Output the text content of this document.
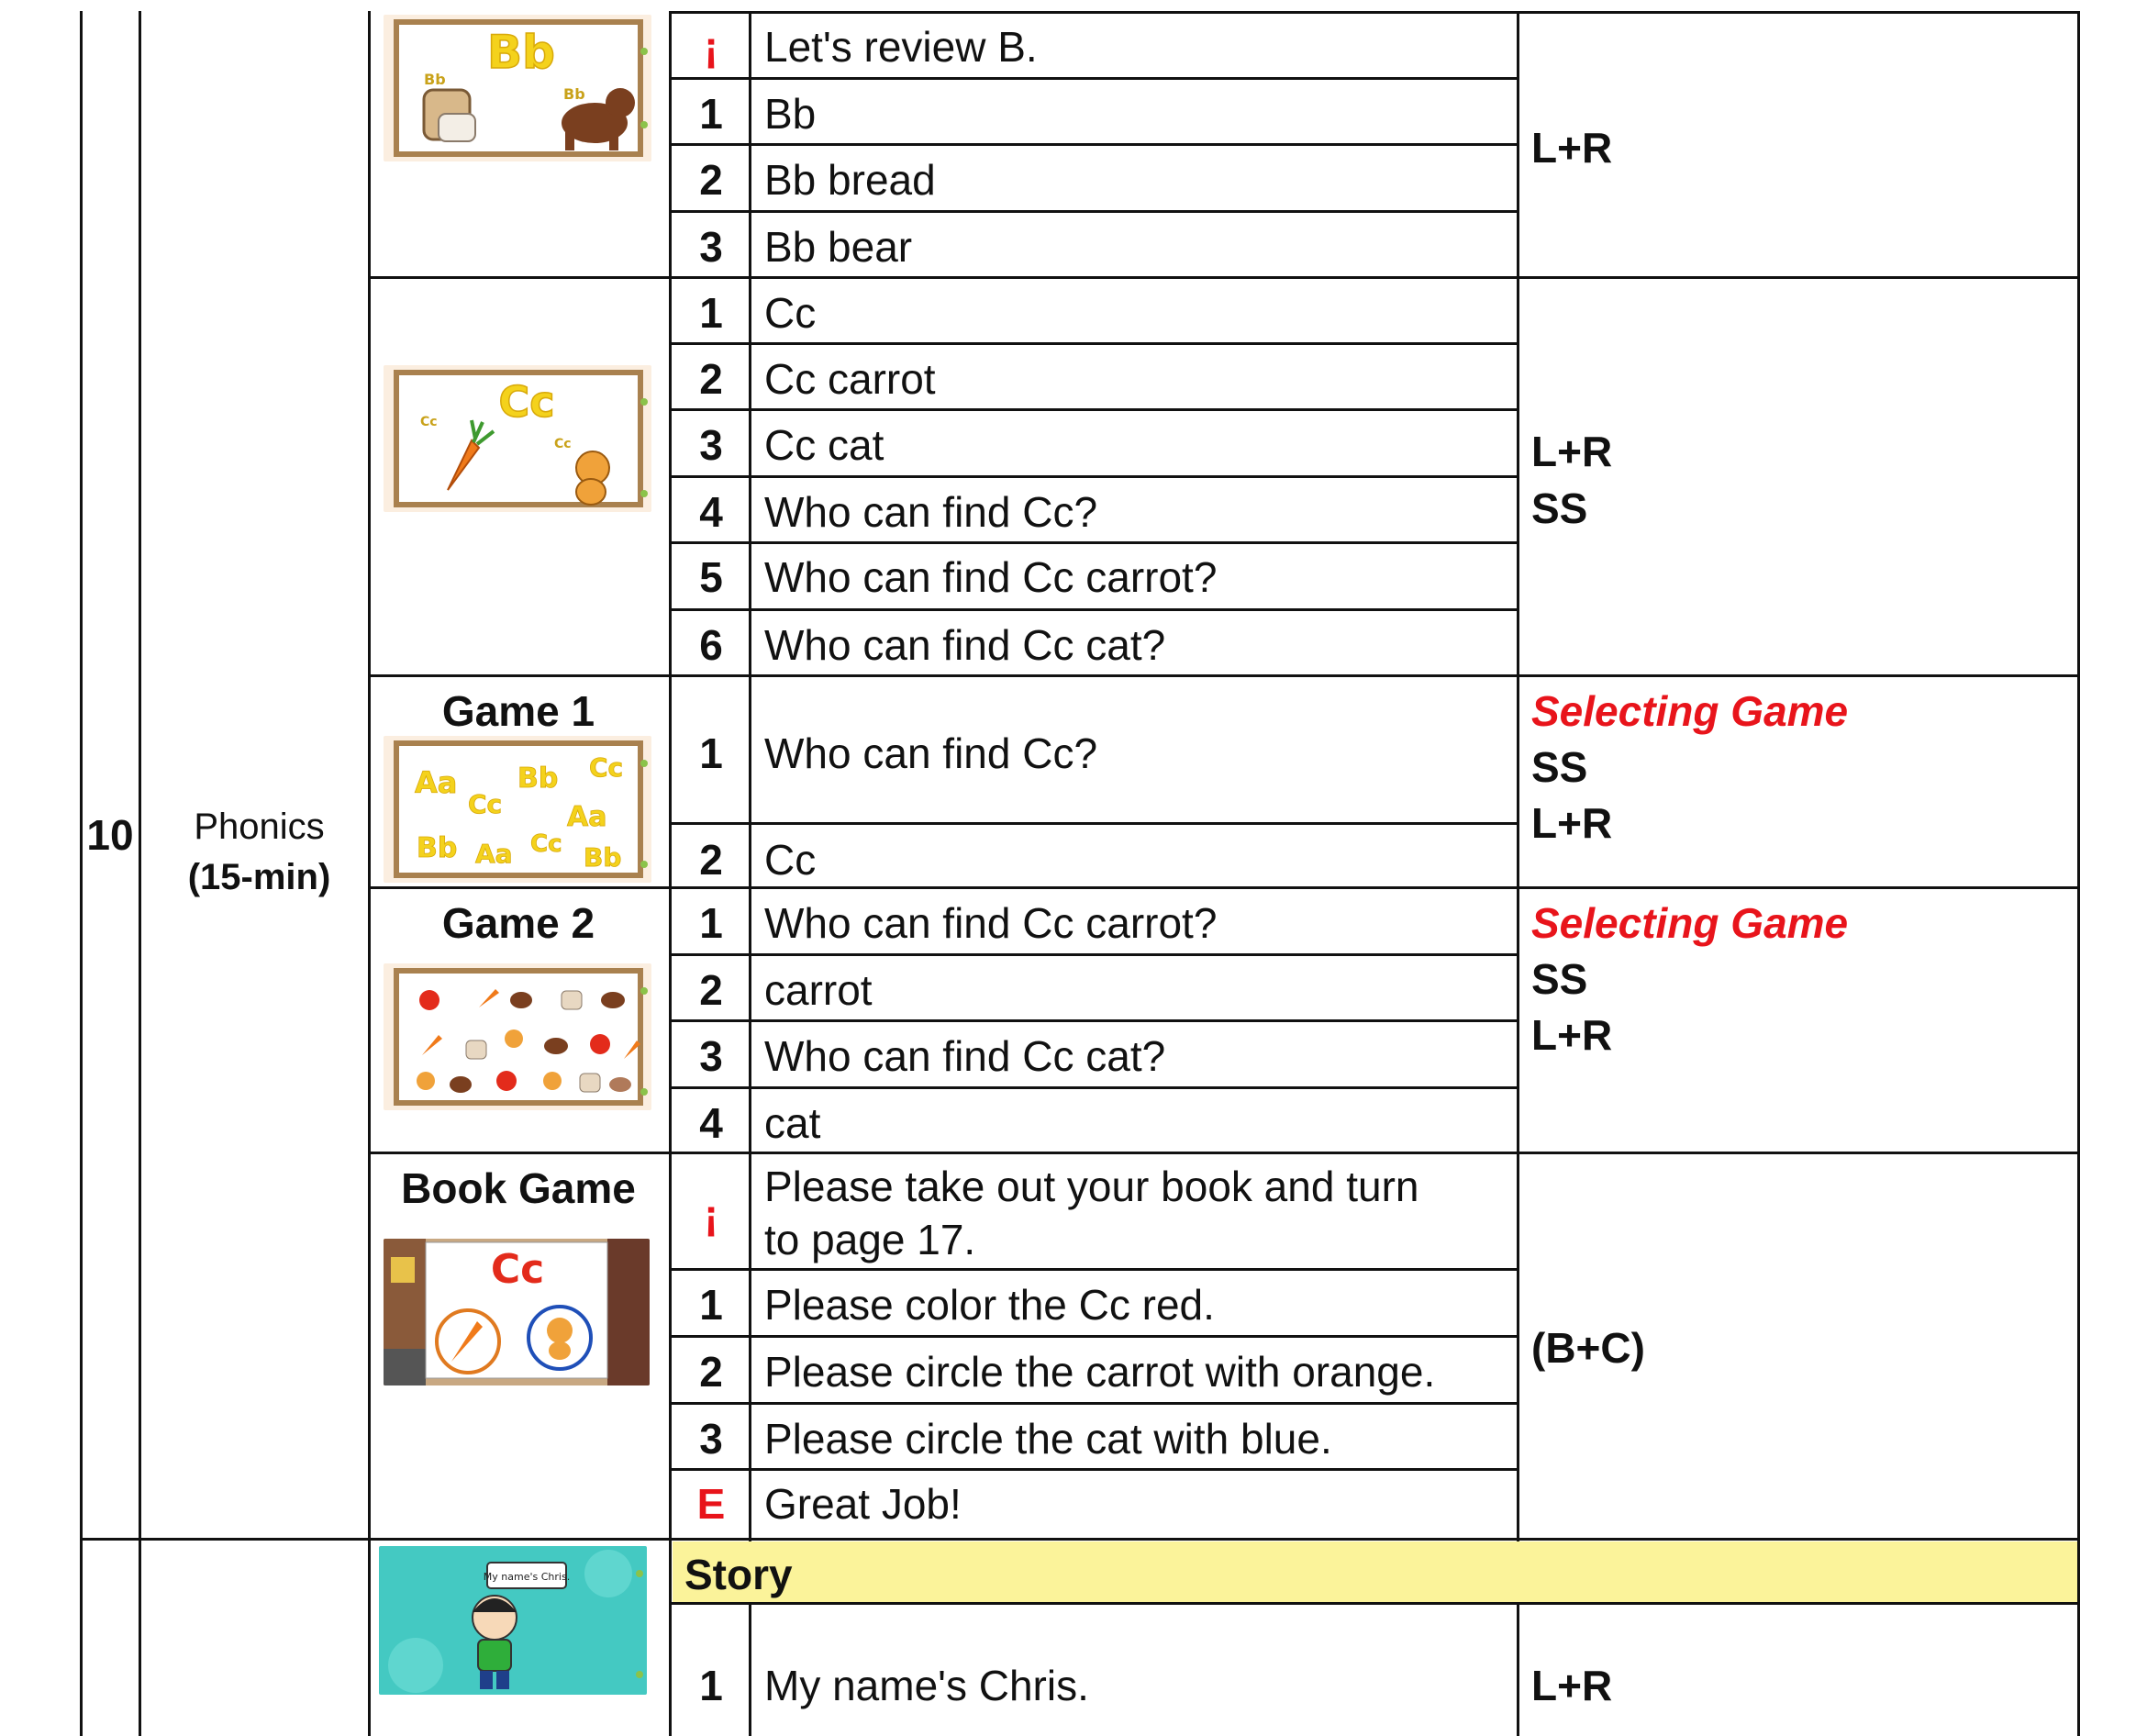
10	Phonics
(15-min)
Bb
Bb
Bb
¡	Let's review B.
1 Bb
2 Bb bread
3 Bb bear
L+R
Cc
Cc
Cc
1 Cc
2 Cc carrot
3 Cc cat
4 Who can find Cc?
5 Who can find Cc carrot?
6 Who can find Cc cat?
L+R
SS
Game 1
Aa
Cc
Bb Cc
Aa
Bb Aa Cc Bb
1 Who can find Cc?
2 Cc
Selecting Game
SS
L+R
Game 2	1 Who can find Cc carrot?
2 carrot
3 Who can find Cc cat?
4 cat
Selecting Game
SS
L+R
Book Game
Cc
¡
Please take out your book and turn
to page 17.
1 Please color the Cc red.
2 Please circle the carrot with orange.
3 Please circle the cat with blue.
E Great Job!
(B+C)
Story
My name's Chris.
1 My name's Chris.	L+R
